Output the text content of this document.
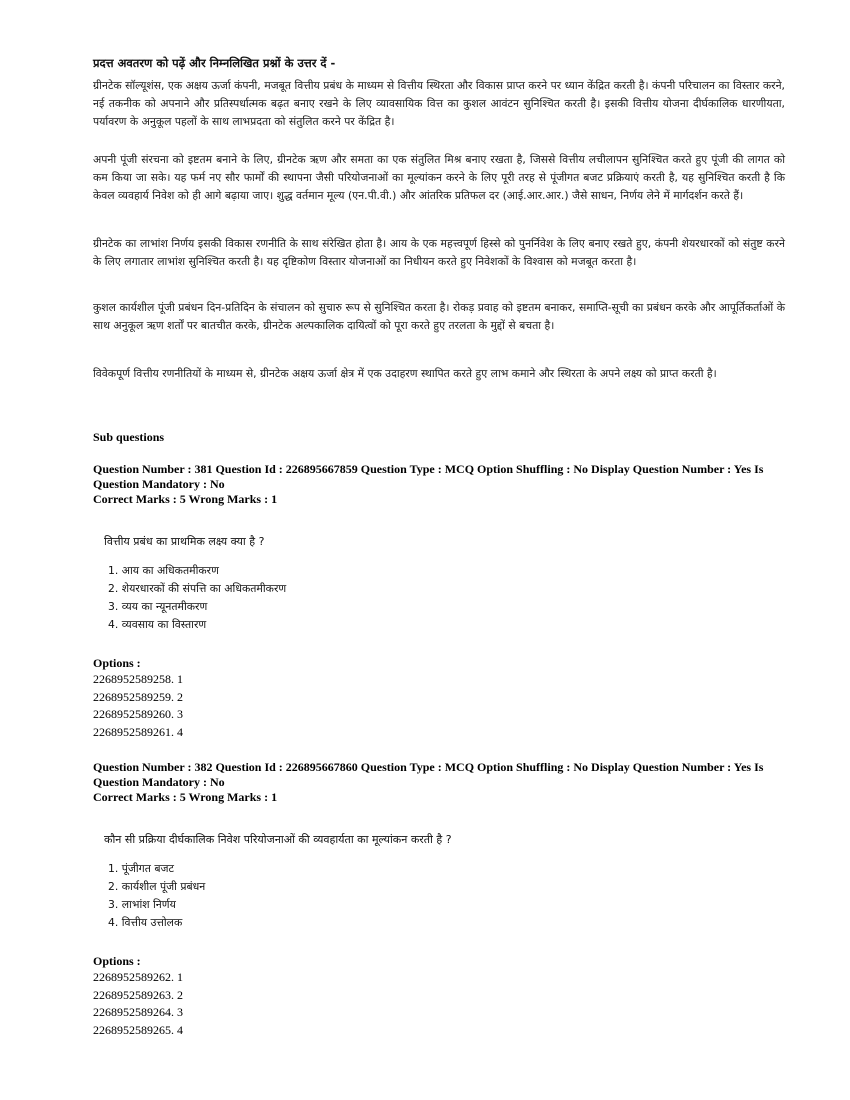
प्रदत्त अवतरण को पढ़ें और निम्नलिखित प्रश्नों के उत्तर दें -

ग्रीनटेक सॉल्यूशंस, एक अक्षय ऊर्जा कंपनी, मजबूत वित्तीय प्रबंध के माध्यम से वित्तीय स्थिरता और विकास प्राप्त करने पर ध्यान केंद्रित करती है। कंपनी परिचालन का विस्तार करने, नई तकनीक को अपनाने और प्रतिस्पर्धात्मक बढ़त बनाए रखने के लिए व्यावसायिक वित्त का कुशल आवंटन सुनिश्चित करती है। इसकी वित्तीय योजना दीर्घकालिक धारणीयता, पर्यावरण के अनुकूल पहलों के साथ लाभप्रदता को संतुलित करने पर केंद्रित है।

अपनी पूंजी संरचना को इष्टतम बनाने के लिए, ग्रीनटेक ऋण और समता का एक संतुलित मिश्र बनाए रखता है, जिससे वित्तीय लचीलापन सुनिश्चित करते हुए पूंजी की लागत को कम किया जा सके। यह फर्म नए सौर फार्मों की स्थापना जैसी परियोजनाओं का मूल्यांकन करने के लिए पूरी तरह से पूंजीगत बजट प्रक्रियाएं करती है, यह सुनिश्चित करती है कि केवल व्यवहार्य निवेश को ही आगे बढ़ाया जाए। शुद्ध वर्तमान मूल्य (एन.पी.वी.) और आंतरिक प्रतिफल दर (आई.आर.आर.) जैसे साधन, निर्णय लेने में मार्गदर्शन करते हैं।

ग्रीनटेक का लाभांश निर्णय इसकी विकास रणनीति के साथ संरेखित होता है। आय के एक महत्त्वपूर्ण हिस्से को पुनर्निवेश के लिए बनाए रखते हुए, कंपनी शेयरधारकों को संतुष्ट करने के लिए लगातार लाभांश सुनिश्चित करती है। यह दृष्टिकोण विस्तार योजनाओं का निधीयन करते हुए निवेशकों के विश्वास को मजबूत करता है।

कुशल कार्यशील पूंजी प्रबंधन दिन-प्रतिदिन के संचालन को सुचारु रूप से सुनिश्चित करता है। रोकड़ प्रवाह को इष्टतम बनाकर, समाप्ति-सूची का प्रबंधन करके और आपूर्तिकर्ताओं के साथ अनुकूल ऋण शर्तों पर बातचीत करके, ग्रीनटेक अल्पकालिक दायित्वों को पूरा करते हुए तरलता के मुद्दों से बचता है।

विवेकपूर्ण वित्तीय रणनीतियों के माध्यम से, ग्रीनटेक अक्षय ऊर्जा क्षेत्र में एक उदाहरण स्थापित करते हुए लाभ कमाने और स्थिरता के अपने लक्ष्य को प्राप्त करती है।

Sub questions
Question Number : 381 Question Id : 226895667859 Question Type : MCQ Option Shuffling : No Display Question Number : Yes Is
Question Mandatory : No
Correct Marks : 5 Wrong Marks : 1
वित्तीय प्रबंध का प्राथमिक लक्ष्य क्या है ?
1. आय का अधिकतमीकरण
2. शेयरधारकों की संपत्ति का अधिकतमीकरण
3. व्यय का न्यूनतमीकरण
4. व्यवसाय का विस्तारण
Options :
2268952589258. 1
2268952589259. 2
2268952589260. 3
2268952589261. 4
Question Number : 382 Question Id : 226895667860 Question Type : MCQ Option Shuffling : No Display Question Number : Yes Is
Question Mandatory : No
Correct Marks : 5 Wrong Marks : 1
कौन सी प्रक्रिया दीर्घकालिक निवेश परियोजनाओं की व्यवहार्यता का मूल्यांकन करती है ?
1. पूंजीगत बजट
2. कार्यशील पूंजी प्रबंधन
3. लाभांश निर्णय
4. वित्तीय उत्तोलक
Options :
2268952589262. 1
2268952589263. 2
2268952589264. 3
2268952589265. 4
